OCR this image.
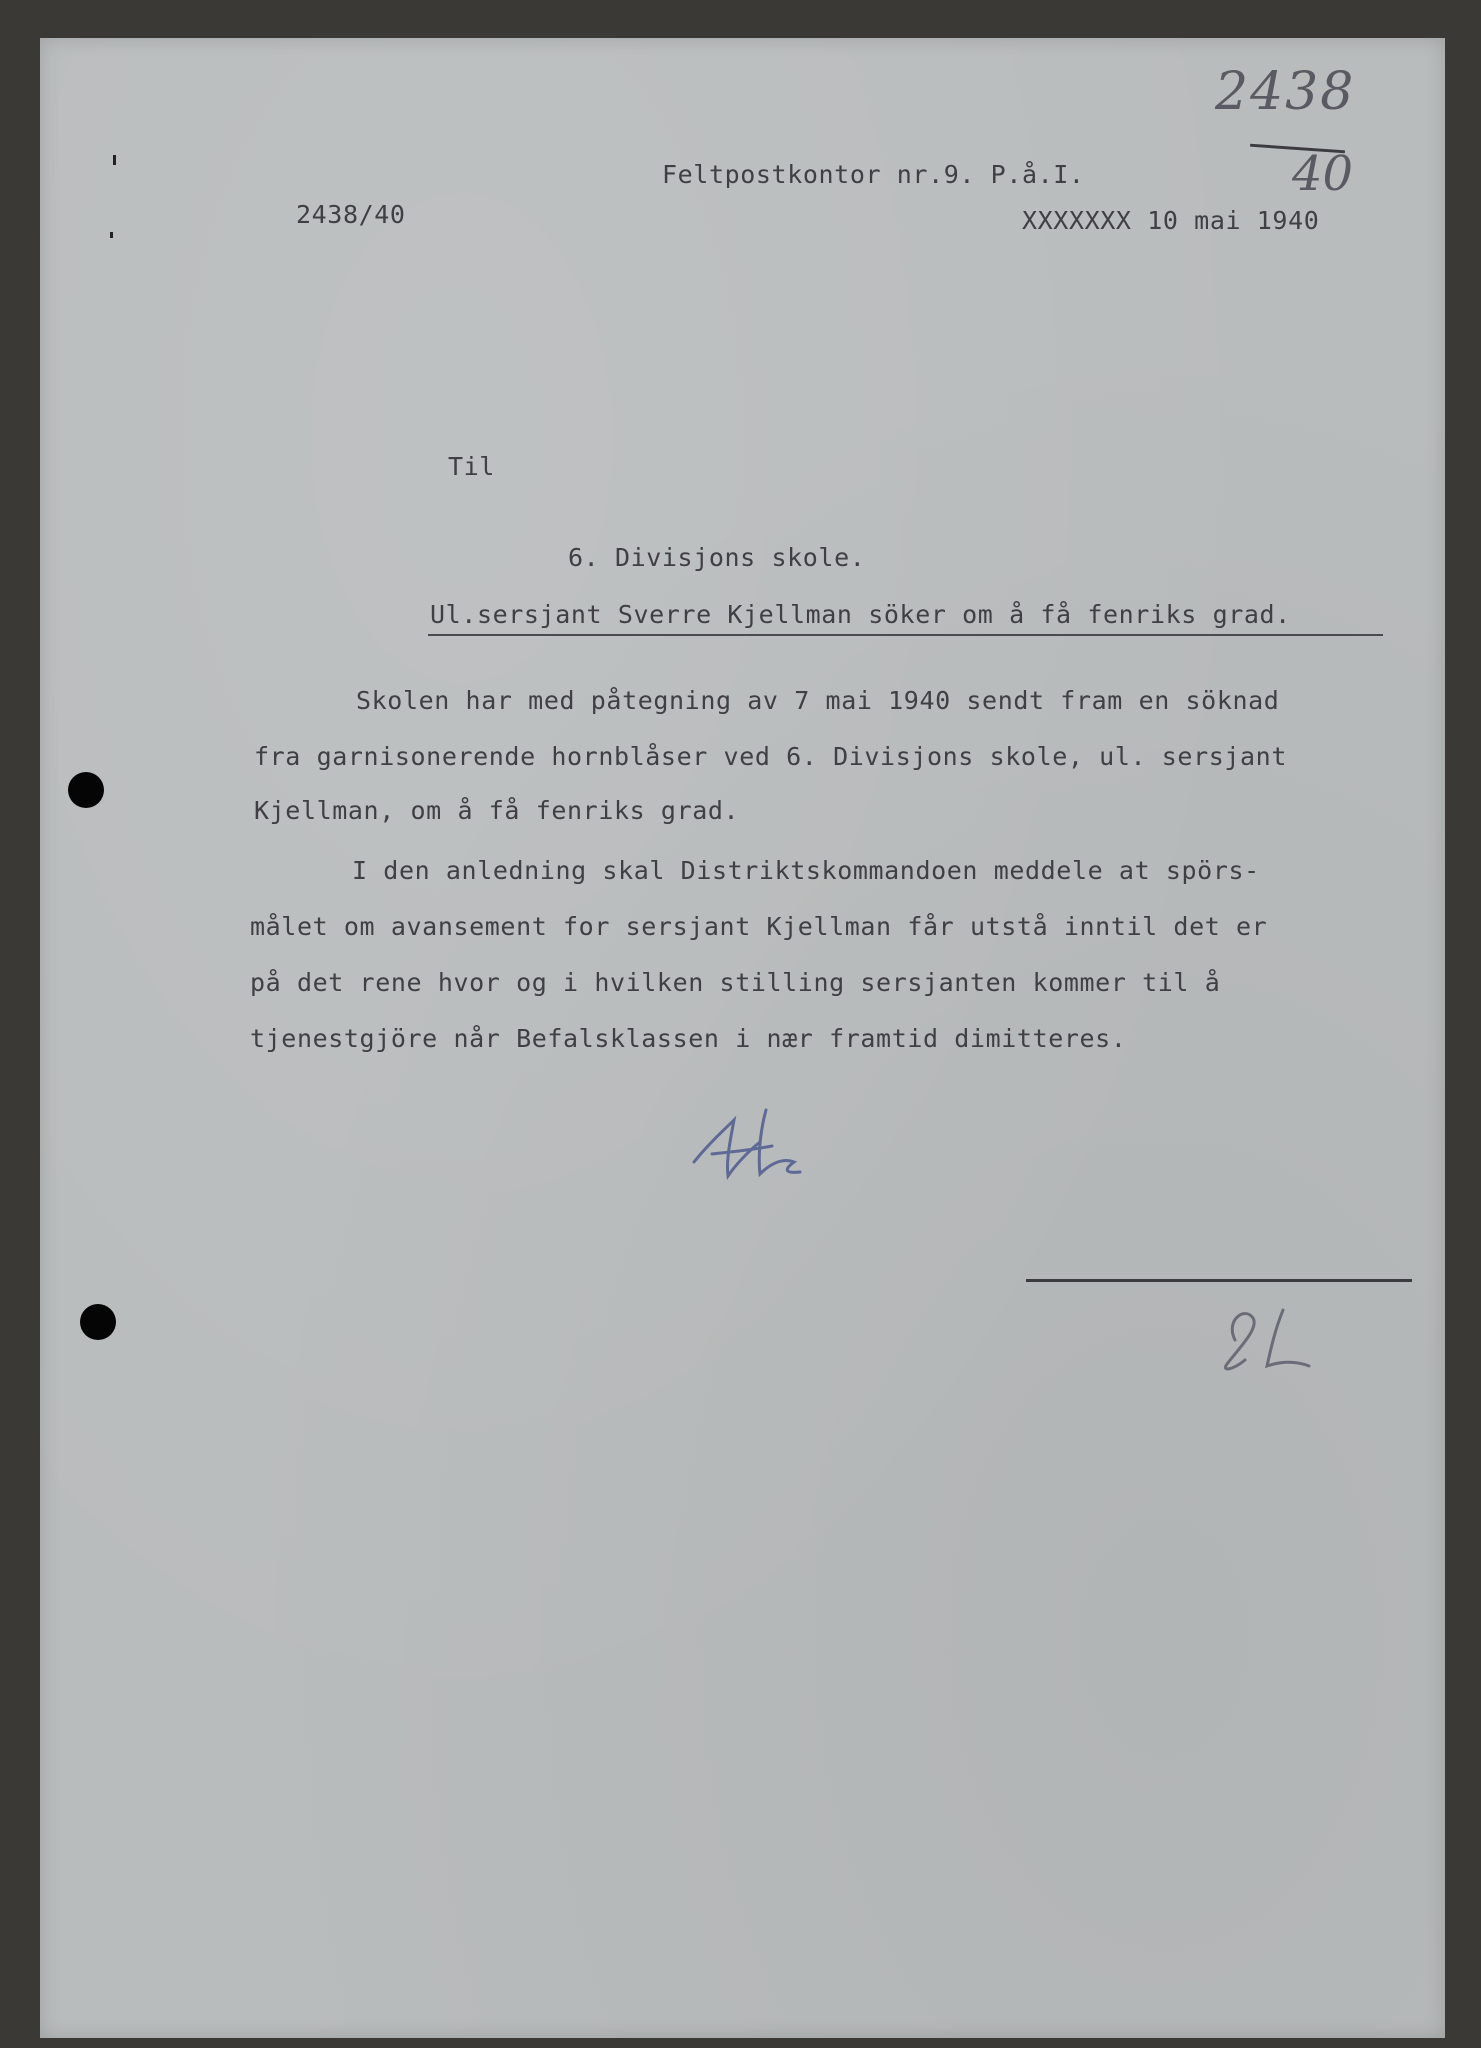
2438
40
Feltpostkontor nr.9. P.å.I.
2438/40	XXXXXXX 10 mai 1940
Til
6. Divisjons skole.
Ul.sersjant Sverre Kjellman söker om å få fenriks grad.
Skolen har med påtegning av 7 mai 1940 sendt fram en söknad
fra garnisonerende hornblåser ved 6. Divisjons skole, ul. sersjant
Kjellman, om å få fenriks grad.
I den anledning skal Distriktskommandoen meddele at spörs-
målet om avansement for sersjant Kjellman får utstå inntil det er
på det rene hvor og i hvilken stilling sersjanten kommer til å
tjenestgjöre når Befalsklassen i nær framtid dimitteres.
